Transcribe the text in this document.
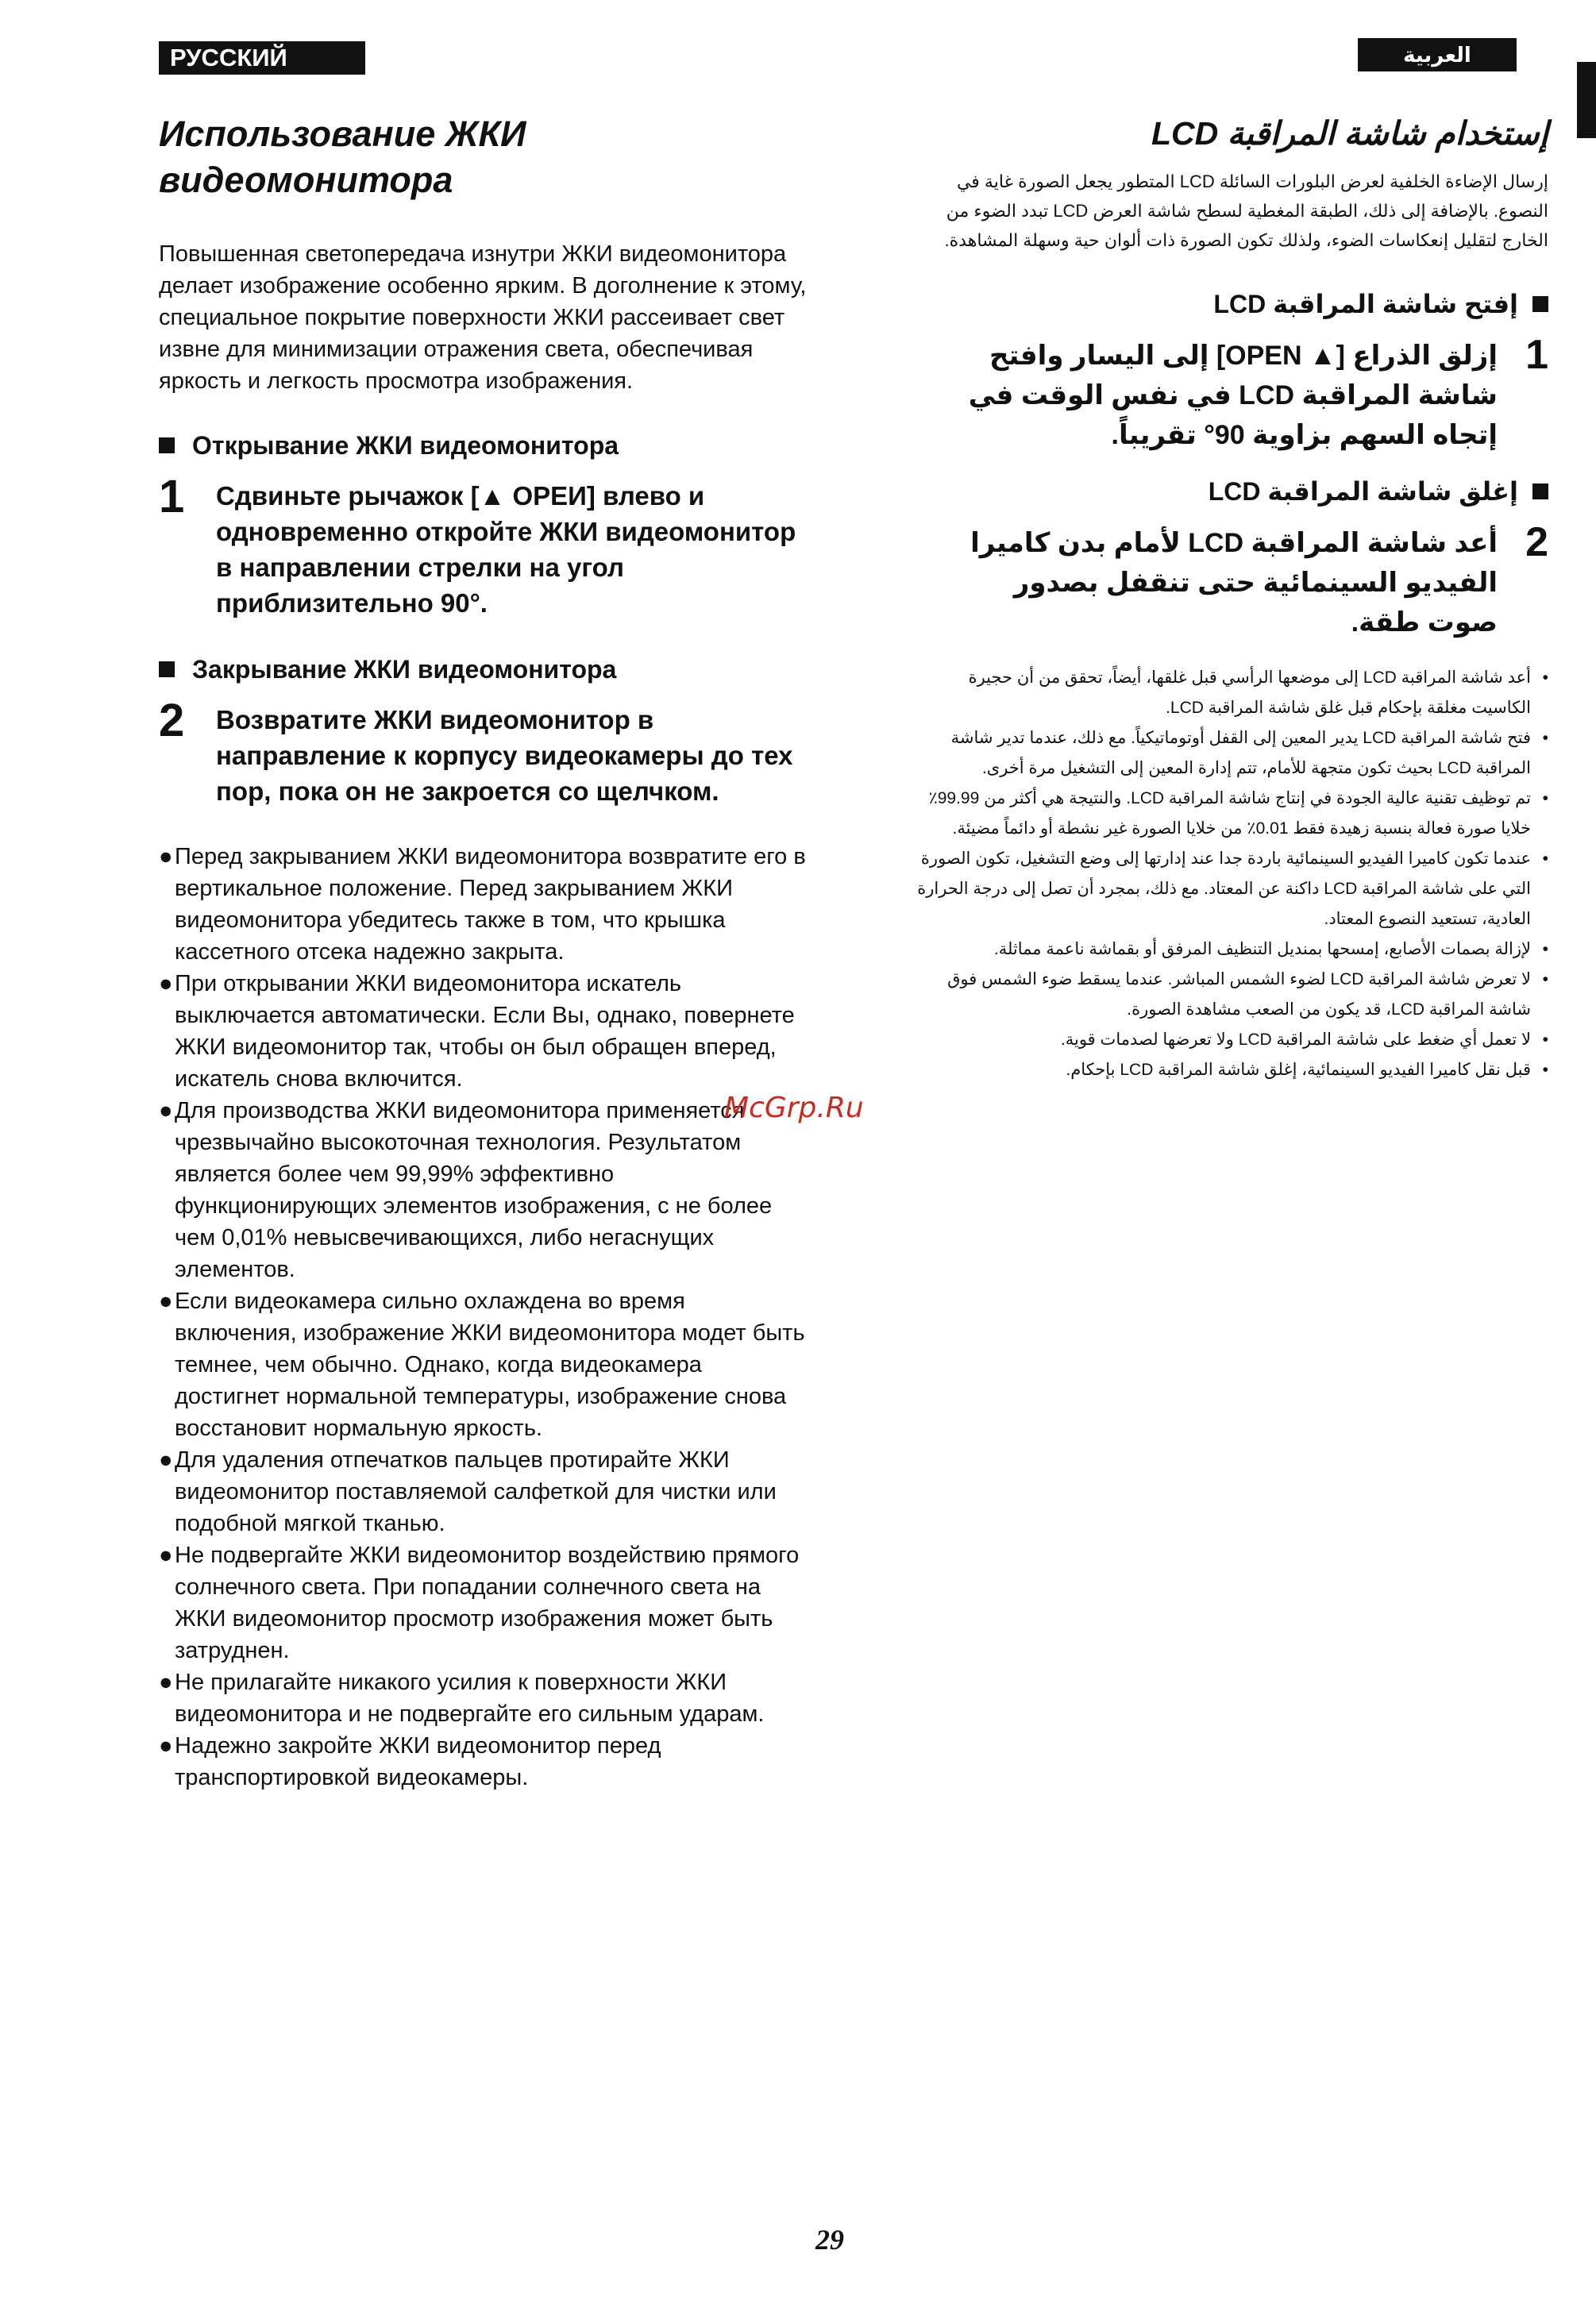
РУССКИЙ ЯЗЫК
العربية
Использование ЖКИ
видеомонитора

Повышенная светопередача изнутри ЖКИ видеомонитора делает изображение особенно ярким. В доголнение к этому, специальное покрытие поверхности ЖКИ рассеивает свет извне для минимизации отражения света, обеспечивая яркость и легкость просмотра изображения.

Открывание ЖКИ видеомонитора
1	Сдвиньте рычажок [▲ OPEИ] влево и одновременно откройте ЖКИ видеомонитор в направлении стрелки на угол приблизительно 90°.

Закрывание ЖКИ видеомонитора
2	Возвратите ЖКИ видеомонитор в направление к корпусу видеокамеры до тех пор, пока он не закроется со щелчком.

● Перед закрыванием ЖКИ видеомонитора возвратите его в вертикальное положение. Перед закрыванием ЖКИ видеомонитора убедитесь также в том, что крышка кассетного отсека надежно закрыта.
● При открывании ЖКИ видеомонитора искатель выключается автоматически. Если Вы, однако, повернете ЖКИ видеомонитор так, чтобы он был обращен вперед, искатель снова включится.
● Для производства ЖКИ видеомонитора применяется чрезвычайно высокоточная технология. Результатом является более чем 99,99% эффективно функционирующих элементов изображения, с не более чем 0,01% невысвечивающихся, либо негаснущих элементов.
● Если видеокамера сильно охлаждена во время включения, изображение ЖКИ видеомонитора модет быть темнее, чем обычно. Однако, когда видеокамера достигнет нормальной температуры, изображение снова восстановит нормальную яркость.
● Для удаления отпечатков пальцев протирайте ЖКИ видеомонитор поставляемой салфеткой для чистки или подобной мягкой тканью.
● Не подвергайте ЖКИ видеомонитор воздействию прямого солнечного света. При попадании солнечного света на ЖКИ видеомонитор просмотр изображения может быть затруднен.
● Не прилагайте никакого усилия к поверхности ЖКИ видеомонитора и не подвергайте его сильным ударам.
● Надежно закройте ЖКИ видеомонитор перед транспортировкой видеокамеры.
إستخدام شاشة المراقبة LCD

إرسال الإضاءة الخلفية لعرض البلورات السائلة LCD المتطور يجعل الصورة غاية في النصوع. بالإضافة إلى ذلك، الطبقة المغطية لسطح شاشة العرض LCD تبدد الضوء من الخارج لتقليل إنعكاسات الضوء، ولذلك تكون الصورة ذات ألوان حية وسهلة المشاهدة.

إفتح شاشة المراقبة LCD
1

إزلق الذراع [▲ OPEN] إلى اليسار وافتح شاشة المراقبة LCD في نفس الوقت في إتجاه السهم بزاوية 90° تقريباً.

إغلق شاشة المراقبة LCD
2

أعد شاشة المراقبة LCD لأمام بدن كاميرا الفيديو السينمائية حتى تنقفل بصدور صوت طقة.

•
أعد شاشة المراقبة LCD إلى موضعها الرأسي قبل غلقها، أيضاً، تحقق من أن حجيرة الكاسيت مغلقة بإحكام قبل غلق شاشة المراقبة LCD.
•
فتح شاشة المراقبة LCD يدير المعين إلى القفل أوتوماتيكياً. مع ذلك، عندما تدير شاشة المراقبة LCD بحيث تكون متجهة للأمام، تتم إدارة المعين إلى التشغيل مرة أخرى.
•
تم توظيف تقنية عالية الجودة في إنتاج شاشة المراقبة LCD. والنتيجة هي أكثر من 99.99٪ خلايا صورة فعالة بنسبة زهيدة فقط 0.01٪ من خلايا الصورة غير نشطة أو دائماً مضيئة.
•
عندما تكون كاميرا الفيديو السينمائية باردة جدا عند إدارتها إلى وضع التشغيل، تكون الصورة التي على شاشة المراقبة LCD داكنة عن المعتاد. مع ذلك، بمجرد أن تصل إلى درجة الحرارة العادية، تستعيد النصوع المعتاد.
•
لإزالة بصمات الأصابع، إمسحها بمنديل التنظيف المرفق أو بقماشة ناعمة مماثلة.
•
لا تعرض شاشة المراقبة LCD لضوء الشمس المباشر. عندما يسقط ضوء الشمس فوق شاشة المراقبة LCD، قد يكون من الصعب مشاهدة الصورة.
•
لا تعمل أي ضغط على شاشة المراقبة LCD ولا تعرضها لصدمات قوية.
•
قبل نقل كاميرا الفيديو السينمائية، إغلق شاشة المراقبة LCD بإحكام.
McGrp.Ru
29
